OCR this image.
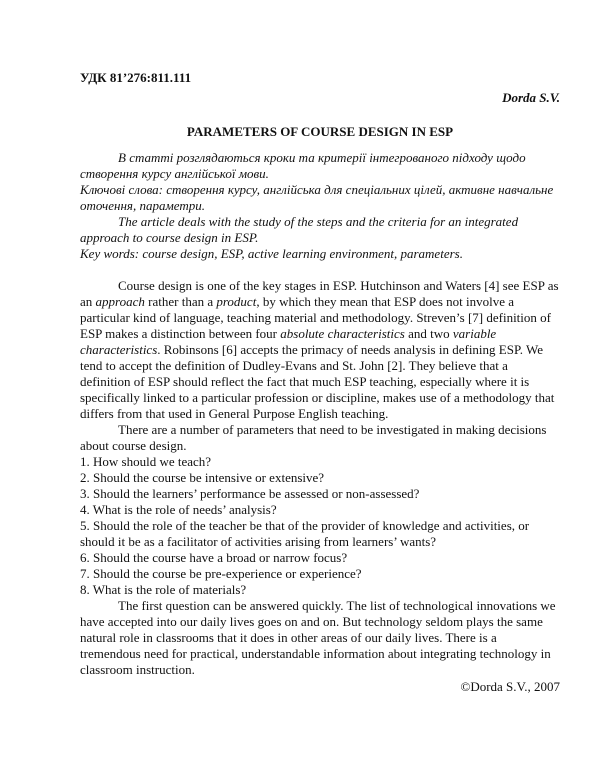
УДК 81’276:811.111
Dorda S.V.
PARAMETERS OF COURSE DESIGN IN ESP

В статті розглядаються кроки та критерії інтегрованого підходу щодо створення курсу англійської мови.

Ключові слова: створення курсу, англійська для спеціальних цілей, активне навчальне оточення, параметри.

The article deals with the study of the steps and the criteria for an integrated approach to course design in ESP.

Key words: course design, ESP, active learning environment, parameters.

Course design is one of the key stages in ESP. Hutchinson and Waters [4] see ESP as an approach rather than a product, by which they mean that ESP does not involve a particular kind of language, teaching material and methodology. Streven’s [7] definition of ESP makes a distinction between four absolute characteristics and two variable characteristics. Robinsons [6] accepts the primacy of needs analysis in defining ESP. We tend to accept the definition of Dudley-Evans and St. John [2]. They believe that a definition of ESP should reflect the fact that much ESP teaching, especially where it is specifically linked to a particular profession or discipline, makes use of a methodology that differs from that used in General Purpose English teaching.

There are a number of parameters that need to be investigated in making decisions about course design.

1. How should we teach?
2. Should the course be intensive or extensive?
3. Should the learners’ performance be assessed or non-assessed?
4. What is the role of needs’ analysis?
5. Should the role of the teacher be that of the provider of knowledge and activities, or should it be as a facilitator of activities arising from learners’ wants?
6. Should the course have a broad or narrow focus?
7. Should the course be pre-experience or experience?
8. What is the role of materials?

The first question can be answered quickly. The list of technological innovations we have accepted into our daily lives goes on and on. But technology seldom plays the same natural role in classrooms that it does in other areas of our daily lives. There is a tremendous need for practical, understandable information about integrating technology in classroom instruction.

©Dorda S.V., 2007
